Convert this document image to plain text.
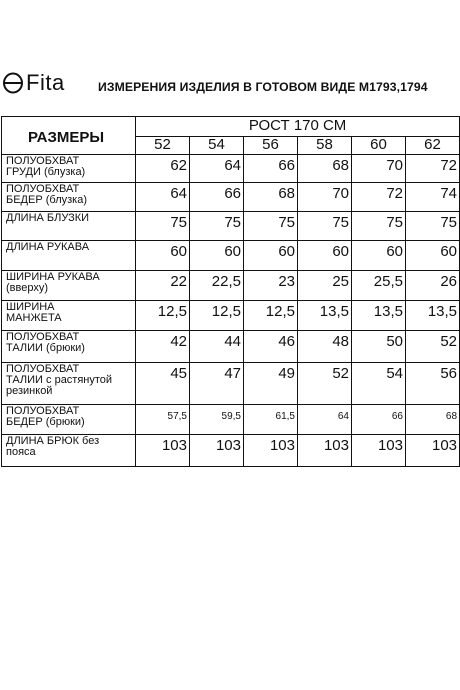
Fita	ИЗМЕРЕНИЯ ИЗДЕЛИЯ В ГОТОВОМ ВИДЕ М1793,1794
РАЗМЕРЫ	РОСТ 170 СМ					
	52	54	56	58	60	62
ПОЛУОБХВАТ
ГРУДИ (блузка)	62	64	66	68	70	72
ПОЛУОБХВАТ
БЕДЕР (блузка)	64	66	68	70	72	74
ДЛИНА БЛУЗКИ	75	75	75	75	75	75
ДЛИНА РУКАВА	60	60	60	60	60	60
ШИРИНА РУКАВА
(вверху)	22	22,5	23	25	25,5	26
ШИРИНА
МАНЖЕТА	12,5	12,5	12,5	13,5	13,5	13,5
ПОЛУОБХВАТ
ТАЛИИ (брюки)	42	44	46	48	50	52
ПОЛУОБХВАТ
ТАЛИИ с растянутой
резинкой	45	47	49	52	54	56
ПОЛУОБХВАТ
БЕДЕР (брюки)	57,5	59,5	61,5	64	66	68
ДЛИНА БРЮК без
пояса	103	103	103	103	103	103
